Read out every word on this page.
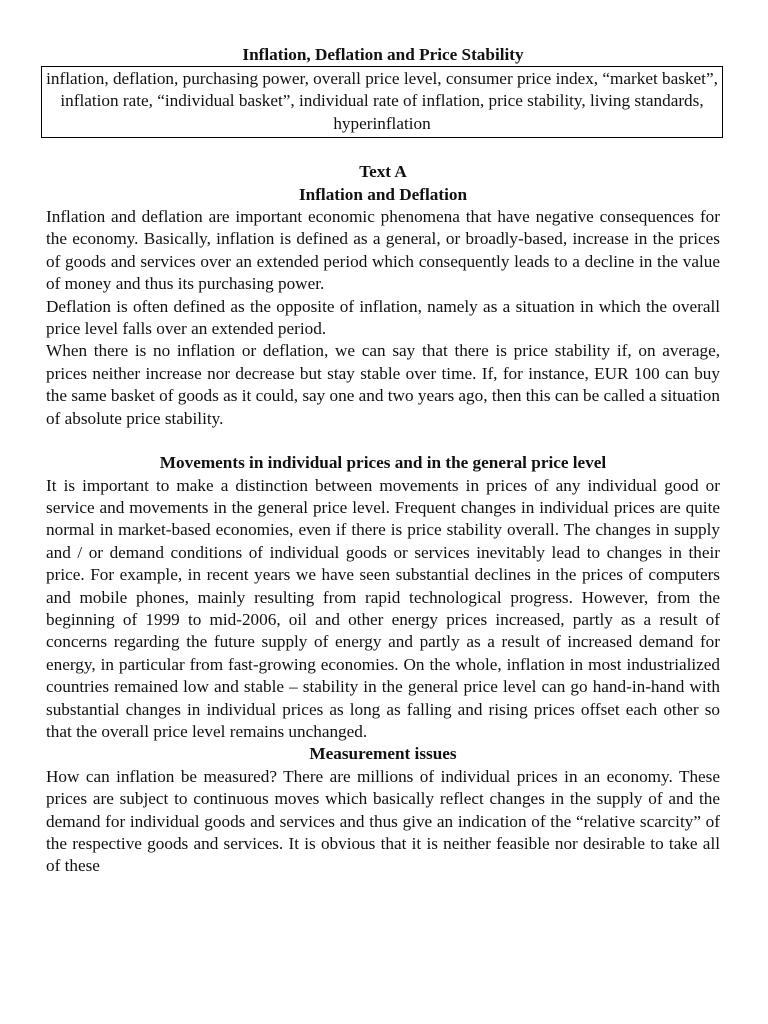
Inflation, Deflation and Price Stability
inflation, deflation, purchasing power, overall price level, consumer price index, “market basket”, inflation rate, “individual basket”, individual rate of inflation, price stability, living standards, hyperinflation
Text A
Inflation and Deflation

Inflation and deflation are important economic phenomena that have negative consequences for the economy. Basically, inflation is defined as a general, or broadly-based, increase in the prices of goods and services over an extended period which consequently leads to a decline in the value of money and thus its purchasing power.

Deflation is often defined as the opposite of inflation, namely as a situation in which the overall price level falls over an extended period.

When there is no inflation or deflation, we can say that there is price stability if, on average, prices neither increase nor decrease but stay stable over time. If, for instance, EUR 100 can buy the same basket of goods as it could, say one and two years ago, then this can be called a situation of absolute price stability.

Movements in individual prices and in the general price level

It is important to make a distinction between movements in prices of any individual good or service and movements in the general price level. Frequent changes in individual prices are quite normal in market-based economies, even if there is price stability overall. The changes in supply and / or demand conditions of individual goods or services inevitably lead to changes in their price. For example, in recent years we have seen substantial declines in the prices of computers and mobile phones, mainly resulting from rapid technological progress. However, from the beginning of 1999 to mid-2006, oil and other energy prices increased, partly as a result of concerns regarding the future supply of energy and partly as a result of increased demand for energy, in particular from fast-growing economies. On the whole, inflation in most industrialized countries remained low and stable – stability in the general price level can go hand-in-hand with substantial changes in individual prices as long as falling and rising prices offset each other so that the overall price level remains unchanged.

Measurement issues

How can inflation be measured? There are millions of individual prices in an economy. These prices are subject to continuous moves which basically reflect changes in the supply of and the demand for individual goods and services and thus give an indication of the “relative scarcity” of the respective goods and services. It is obvious that it is neither feasible nor desirable to take all of these
